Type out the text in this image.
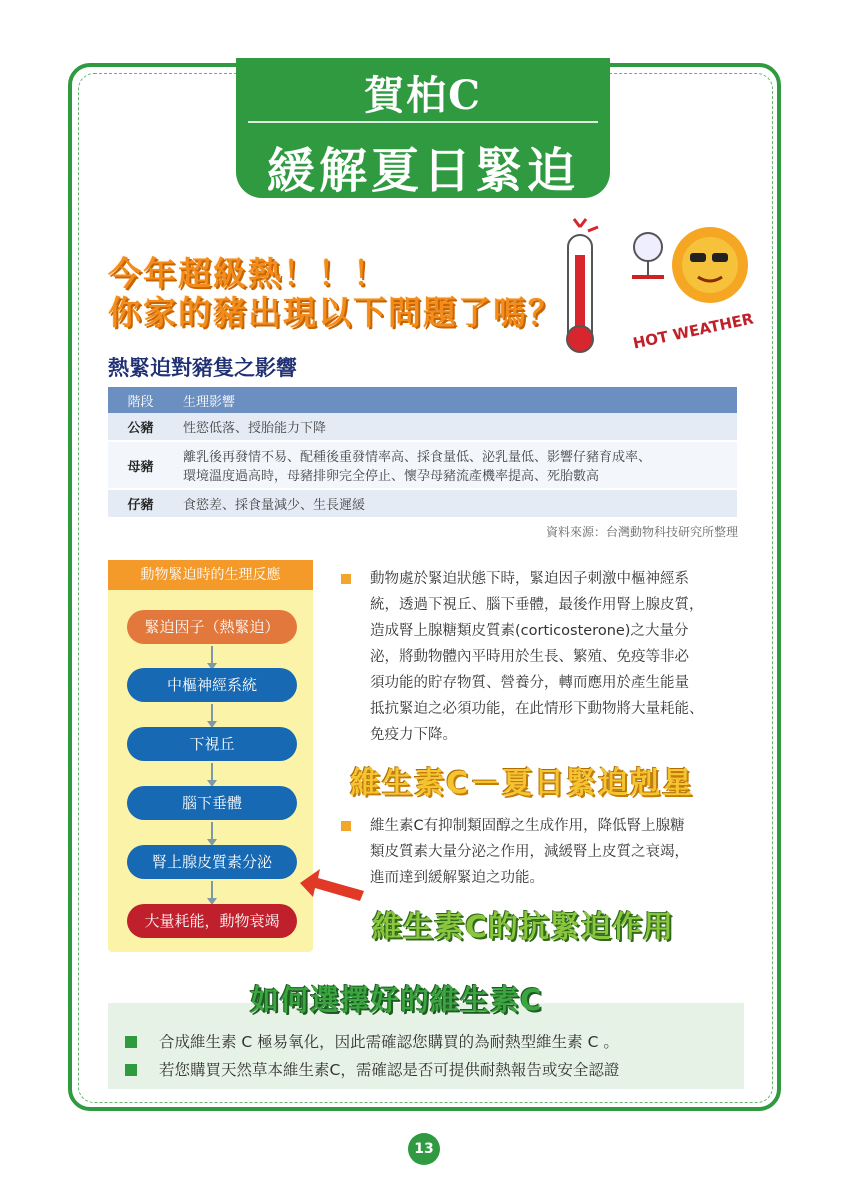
賀柏C
緩解夏日緊迫
今年超級熱！！！
你家的豬出現以下問題了嗎？	HOT WEATHER
熱緊迫對豬隻之影響
階段	生理影響
公豬	性慾低落、授胎能力下降
母豬	離乳後再發情不易、配種後重發情率高、採食量低、泌乳量低、影響仔豬育成率、
環境溫度過高時，母豬排卵完全停止、懷孕母豬流產機率提高、死胎數高

仔豬	食慾差、採食量減少、生長遲緩
資料來源：台灣動物科技研究所整理
動物緊迫時的生理反應
緊迫因子（熱緊迫）
中樞神經系統
下視丘
腦下垂體
腎上腺皮質素分泌
大量耗能，動物衰竭
動物處於緊迫狀態下時，緊迫因子刺激中樞神經系
統，透過下視丘、腦下垂體，最後作用腎上腺皮質，
造成腎上腺糖類皮質素(corticosterone)之大量分
泌，將動物體內平時用於生長、繁殖、免疫等非必
須功能的貯存物質、營養分，轉而應用於產生能量
抵抗緊迫之必須功能，在此情形下動物將大量耗能、
免疫力下降。
維生素C－夏日緊迫剋星
維生素C有抑制類固醇之生成作用，降低腎上腺糖
類皮質素大量分泌之作用，減緩腎上皮質之衰竭，
進而達到緩解緊迫之功能。
維生素C的抗緊迫作用
如何選擇好的維生素C
合成維生素 C 極易氧化，因此需確認您購買的為耐熱型維生素 C 。
若您購買天然草本維生素C，需確認是否可提供耐熱報告或安全認證
13
